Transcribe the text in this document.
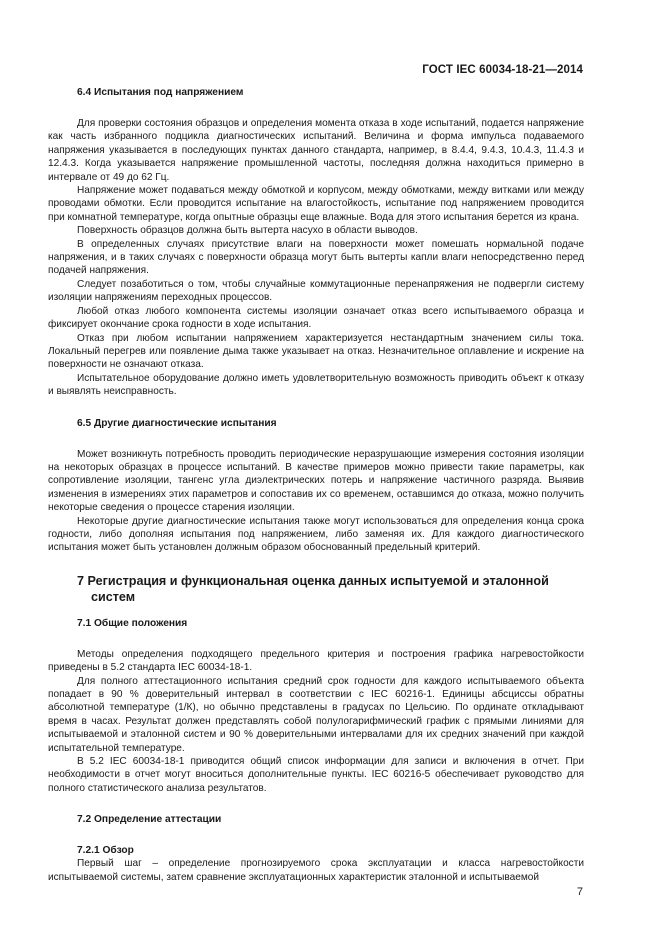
ГОСТ IEC 60034-18-21—2014
6.4 Испытания под напряжением

Для проверки состояния образцов и определения момента отказа в ходе испытаний, подается напряжение как часть избранного подцикла диагностических испытаний. Величина и форма импульса подаваемого напряжения указывается в последующих пунктах данного стандарта, например, в 8.4.4, 9.4.3, 10.4.3, 11.4.3 и 12.4.3. Когда указывается напряжение промышленной частоты, последняя должна находиться примерно в интервале от 49 до 62 Гц.

Напряжение может подаваться между обмоткой и корпусом, между обмотками, между витками или между проводами обмотки. Если проводится испытание на влагостойкость, испытание под напряжением проводится при комнатной температуре, когда опытные образцы еще влажные. Вода для этого испытания берется из крана.

Поверхность образцов должна быть вытерта насухо в области выводов.

В определенных случаях присутствие влаги на поверхности может помешать нормальной подаче напряжения, и в таких случаях с поверхности образца могут быть вытерты капли влаги непосредственно перед подачей напряжения.

Следует позаботиться о том, чтобы случайные коммутационные перенапряжения не подвергли систему изоляции напряжениям переходных процессов.

Любой отказ любого компонента системы изоляции означает отказ всего испытываемого образца и фиксирует окончание срока годности в ходе испытания.

Отказ при любом испытании напряжением характеризуется нестандартным значением силы тока. Локальный перегрев или появление дыма также указывает на отказ. Незначительное оплавление и искрение на поверхности не означают отказа.

Испытательное оборудование должно иметь удовлетворительную возможность приводить объект к отказу и выявлять неисправность.

6.5 Другие диагностические испытания

Может возникнуть потребность проводить периодические неразрушающие измерения состояния изоляции на некоторых образцах в процессе испытаний. В качестве примеров можно привести такие параметры, как сопротивление изоляции, тангенс угла диэлектрических потерь и напряжение частичного разряда. Выявив изменения в измерениях этих параметров и сопоставив их со временем, оставшимся до отказа, можно получить некоторые сведения о процессе старения изоляции.

Некоторые другие диагностические испытания также могут использоваться для определения конца срока годности, либо дополняя испытания под напряжением, либо заменяя их. Для каждого диагностического испытания может быть установлен должным образом обоснованный предельный критерий.

7 Регистрация и функциональная оценка данных испытуемой и эталонной
систем
7.1 Общие положения

Методы определения подходящего предельного критерия и построения графика нагревостойкости приведены в 5.2 стандарта IEC 60034-18-1.

Для полного аттестационного испытания средний срок годности для каждого испытываемого объекта попадает в 90 % доверительный интервал в соответствии с IEC 60216-1. Единицы абсциссы обратны абсолютной температуре (1/К), но обычно представлены в градусах по Цельсию. По ординате откладывают время в часах. Результат должен представлять собой полулогарифмический график с прямыми линиями для испытываемой и эталонной систем и 90 % доверительными интервалами для их средних значений при каждой испытательной температуре.

В 5.2 IEC 60034-18-1 приводится общий список информации для записи и включения в отчет. При необходимости в отчет могут вноситься дополнительные пункты. IEC 60216-5 обеспечивает руководство для полного статистического анализа результатов.

7.2 Определение аттестации
7.2.1 Обзор

Первый шаг – определение прогнозируемого срока эксплуатации и класса нагревостойкости испытываемой системы, затем сравнение эксплуатационных характеристик эталонной и испытываемой

7
